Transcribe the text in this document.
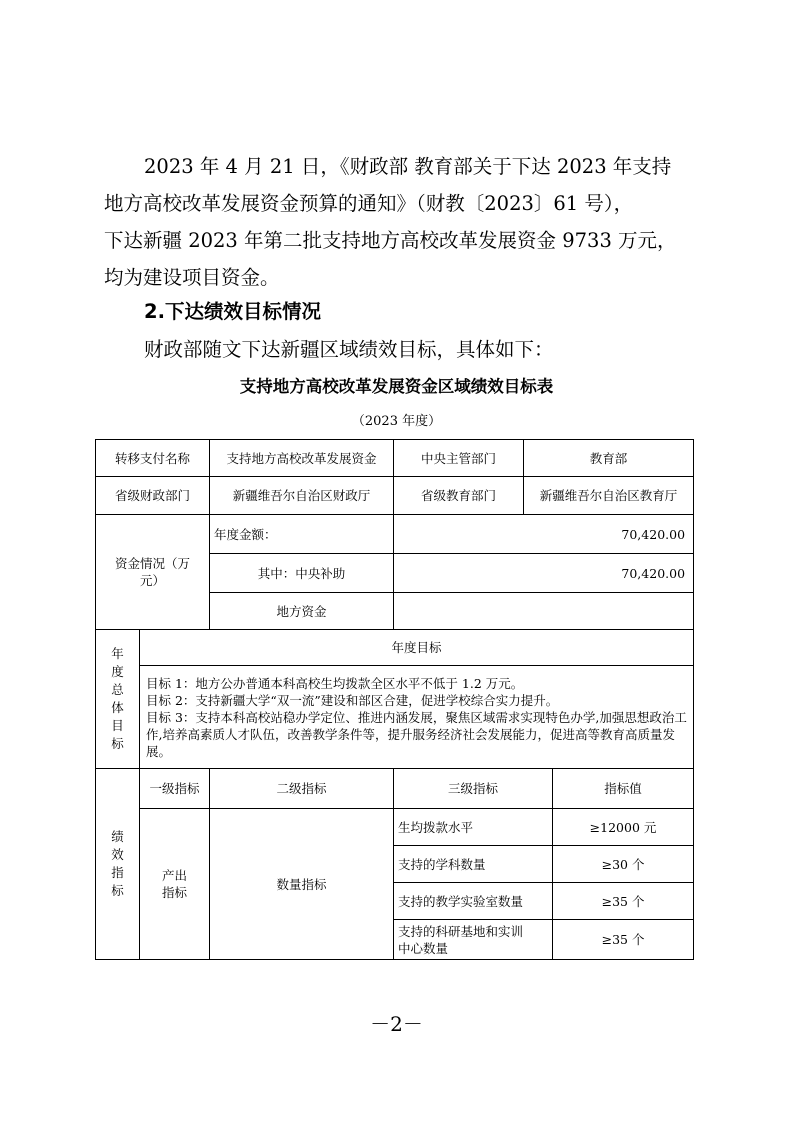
2023 年 4 月 21 日，《财政部 教育部关于下达 2023 年支持
地方高校改革发展资金预算的通知》（财教〔2023〕61 号），
下达新疆 2023 年第二批支持地方高校改革发展资金 9733 万元，
均为建设项目资金。
2.下达绩效目标情况
财政部随文下达新疆区域绩效目标，具体如下：
支持地方高校改革发展资金区域绩效目标表
（2023 年度）
转移支付名称		支持地方高校改革发展资金	中央主管部门	教育部	
省级财政部门		新疆维吾尔自治区财政厅	省级教育部门	新疆维吾尔自治区教育厅	
资金情况（万元）		年度金额：	70,420.00		
		其中：中央补助	70,420.00		
		地方资金			
年度总体目标	年度目标				

	目标 1：地方公办普通本科高校生均拨款全区水平不低于 1.2 万元。
目标 2：支持新疆大学“双一流”建设和部区合建，促进学校综合实力提升。
目标 3：支持本科高校站稳办学定位、推进内涵发展，聚焦区域需求实现特色办学,加强思想政治工作,培养高素质人才队伍，改善教学条件等，提升服务经济社会发展能力，促进高等教育高质量发展。				

绩效指标	一级指标	二级指标	三级指标		指标值
	产出指标	数量指标	生均拨款水平		≥12000 元
			支持的学科数量		≥30 个
			支持的教学实验室数量		≥35 个
			支持的科研基地和实训中心数量		≥35 个
－2－
